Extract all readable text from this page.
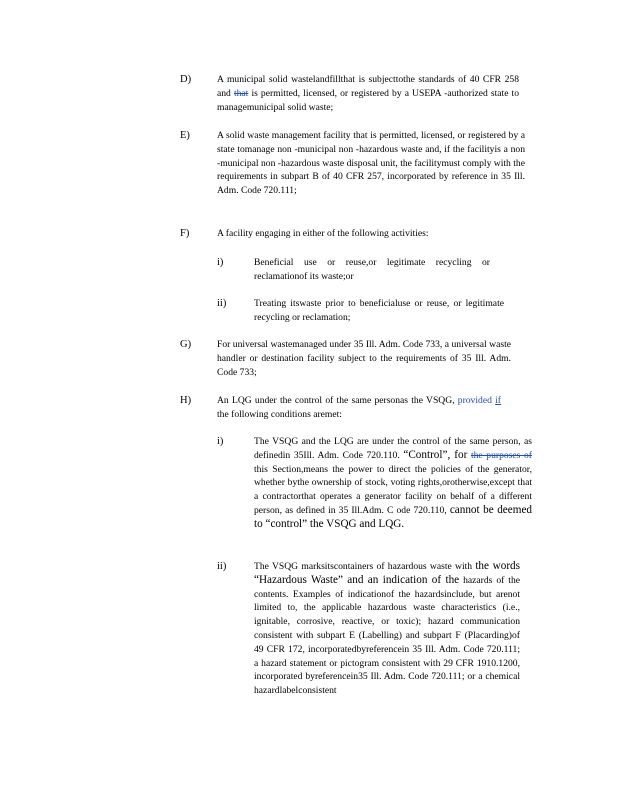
D)	A municipal solid wastelandfillthat is subjecttothe standards of 40 CFR 258 and that is permitted, licensed, or registered by a USEPA -authorized state to managemunicipal solid waste;
E)	A solid waste management facility that is permitted, licensed, or registered by a state tomanage non -municipal non -hazardous waste and, if the facilityis a non -municipal non -hazardous waste disposal unit, the facilitymust comply with the requirements in subpart B of 40 CFR 257, incorporated by reference in 35 Ill. Adm. Code 720.111;
F)	A facility engaging in either of the following activities:
i)	Beneficial use or reuse,or legitimate recycling or reclamationof its waste;or
ii)	Treating itswaste prior to beneficialuse or reuse, or legitimate recycling or reclamation;
G)	For universal wastemanaged under 35 Ill. Adm. Code 733, a universal waste handler or destination facility subject to the requirements of 35 Ill. Adm. Code 733;
H)	An LQG under the control of the same personas the VSQG, provided if the following conditions aremet:
i)	The VSQG and the LQG are under the control of the same person, as definedin 35Ill. Adm. Code 720.110. “Control”, for the purposes of this Section,means the power to direct the policies of the generator, whether bythe ownership of stock, voting rights,orotherwise,except that a contractorthat operates a generator facility on behalf of a different person, as defined in 35 Ill.Adm. C ode 720.110, cannot be deemed to “control” the VSQG and LQG.
ii)	The VSQG marksitscontainers of hazardous waste with the words “Hazardous Waste” and an indication of the hazards of the contents. Examples of indicationof the hazardsinclude, but arenot limited to, the applicable hazardous waste characteristics (i.e., ignitable, corrosive, reactive, or toxic); hazard communication consistent with subpart E (Labelling) and subpart F (Placarding)of 49 CFR 172, incorporatedbyreferencein 35 Ill. Adm. Code 720.111; a hazard statement or pictogram consistent with 29 CFR 1910.1200, incorporated byreferencein35 Ill. Adm. Code 720.111; or a chemical hazardlabelconsistent
